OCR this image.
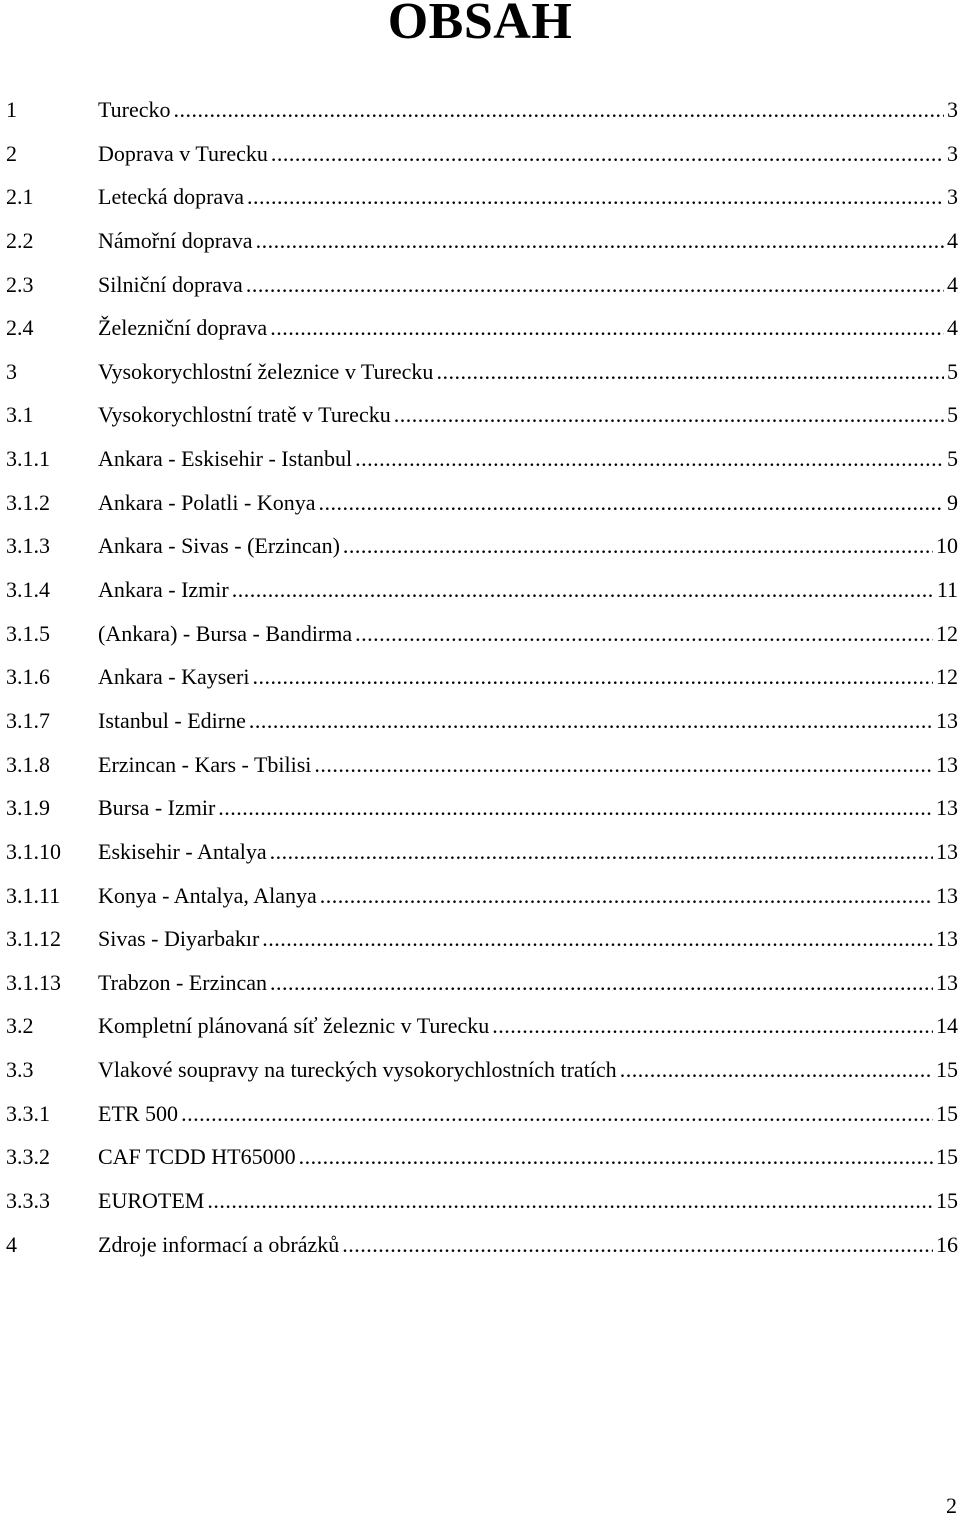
OBSAH
1	Turecko .....	3
2	Doprava v Turecku .....	3
2.1	Letecká doprava .....	3
2.2	Námořní doprava .....	4
2.3	Silniční doprava .....	4
2.4	Železniční doprava .....	4
3	Vysokorychlostní železnice v Turecku .....	5
3.1	Vysokorychlostní tratě v Turecku .....	5
3.1.1	Ankara - Eskisehir - Istanbul .....	5
3.1.2	Ankara - Polatli - Konya .....	9
3.1.3	Ankara - Sivas - (Erzincan) .....	10
3.1.4	Ankara - Izmir .....	11
3.1.5	(Ankara) - Bursa - Bandirma .....	12
3.1.6	Ankara - Kayseri .....	12
3.1.7	Istanbul - Edirne .....	13
3.1.8	Erzincan - Kars - Tbilisi .....	13
3.1.9	Bursa - Izmir .....	13
3.1.10	Eskisehir - Antalya .....	13
3.1.11	Konya - Antalya, Alanya .....	13
3.1.12	Sivas - Diyarbakır .....	13
3.1.13	Trabzon - Erzincan .....	13
3.2	Kompletní plánovaná síť železnic v Turecku .....	14
3.3	Vlakové soupravy na tureckých vysokorychlostních tratích .....	15
3.3.1	ETR 500 .....	15
3.3.2	CAF TCDD HT65000 .....	15
3.3.3	EUROTEM .....	15
4	Zdroje informací a obrázků .....	16
2
